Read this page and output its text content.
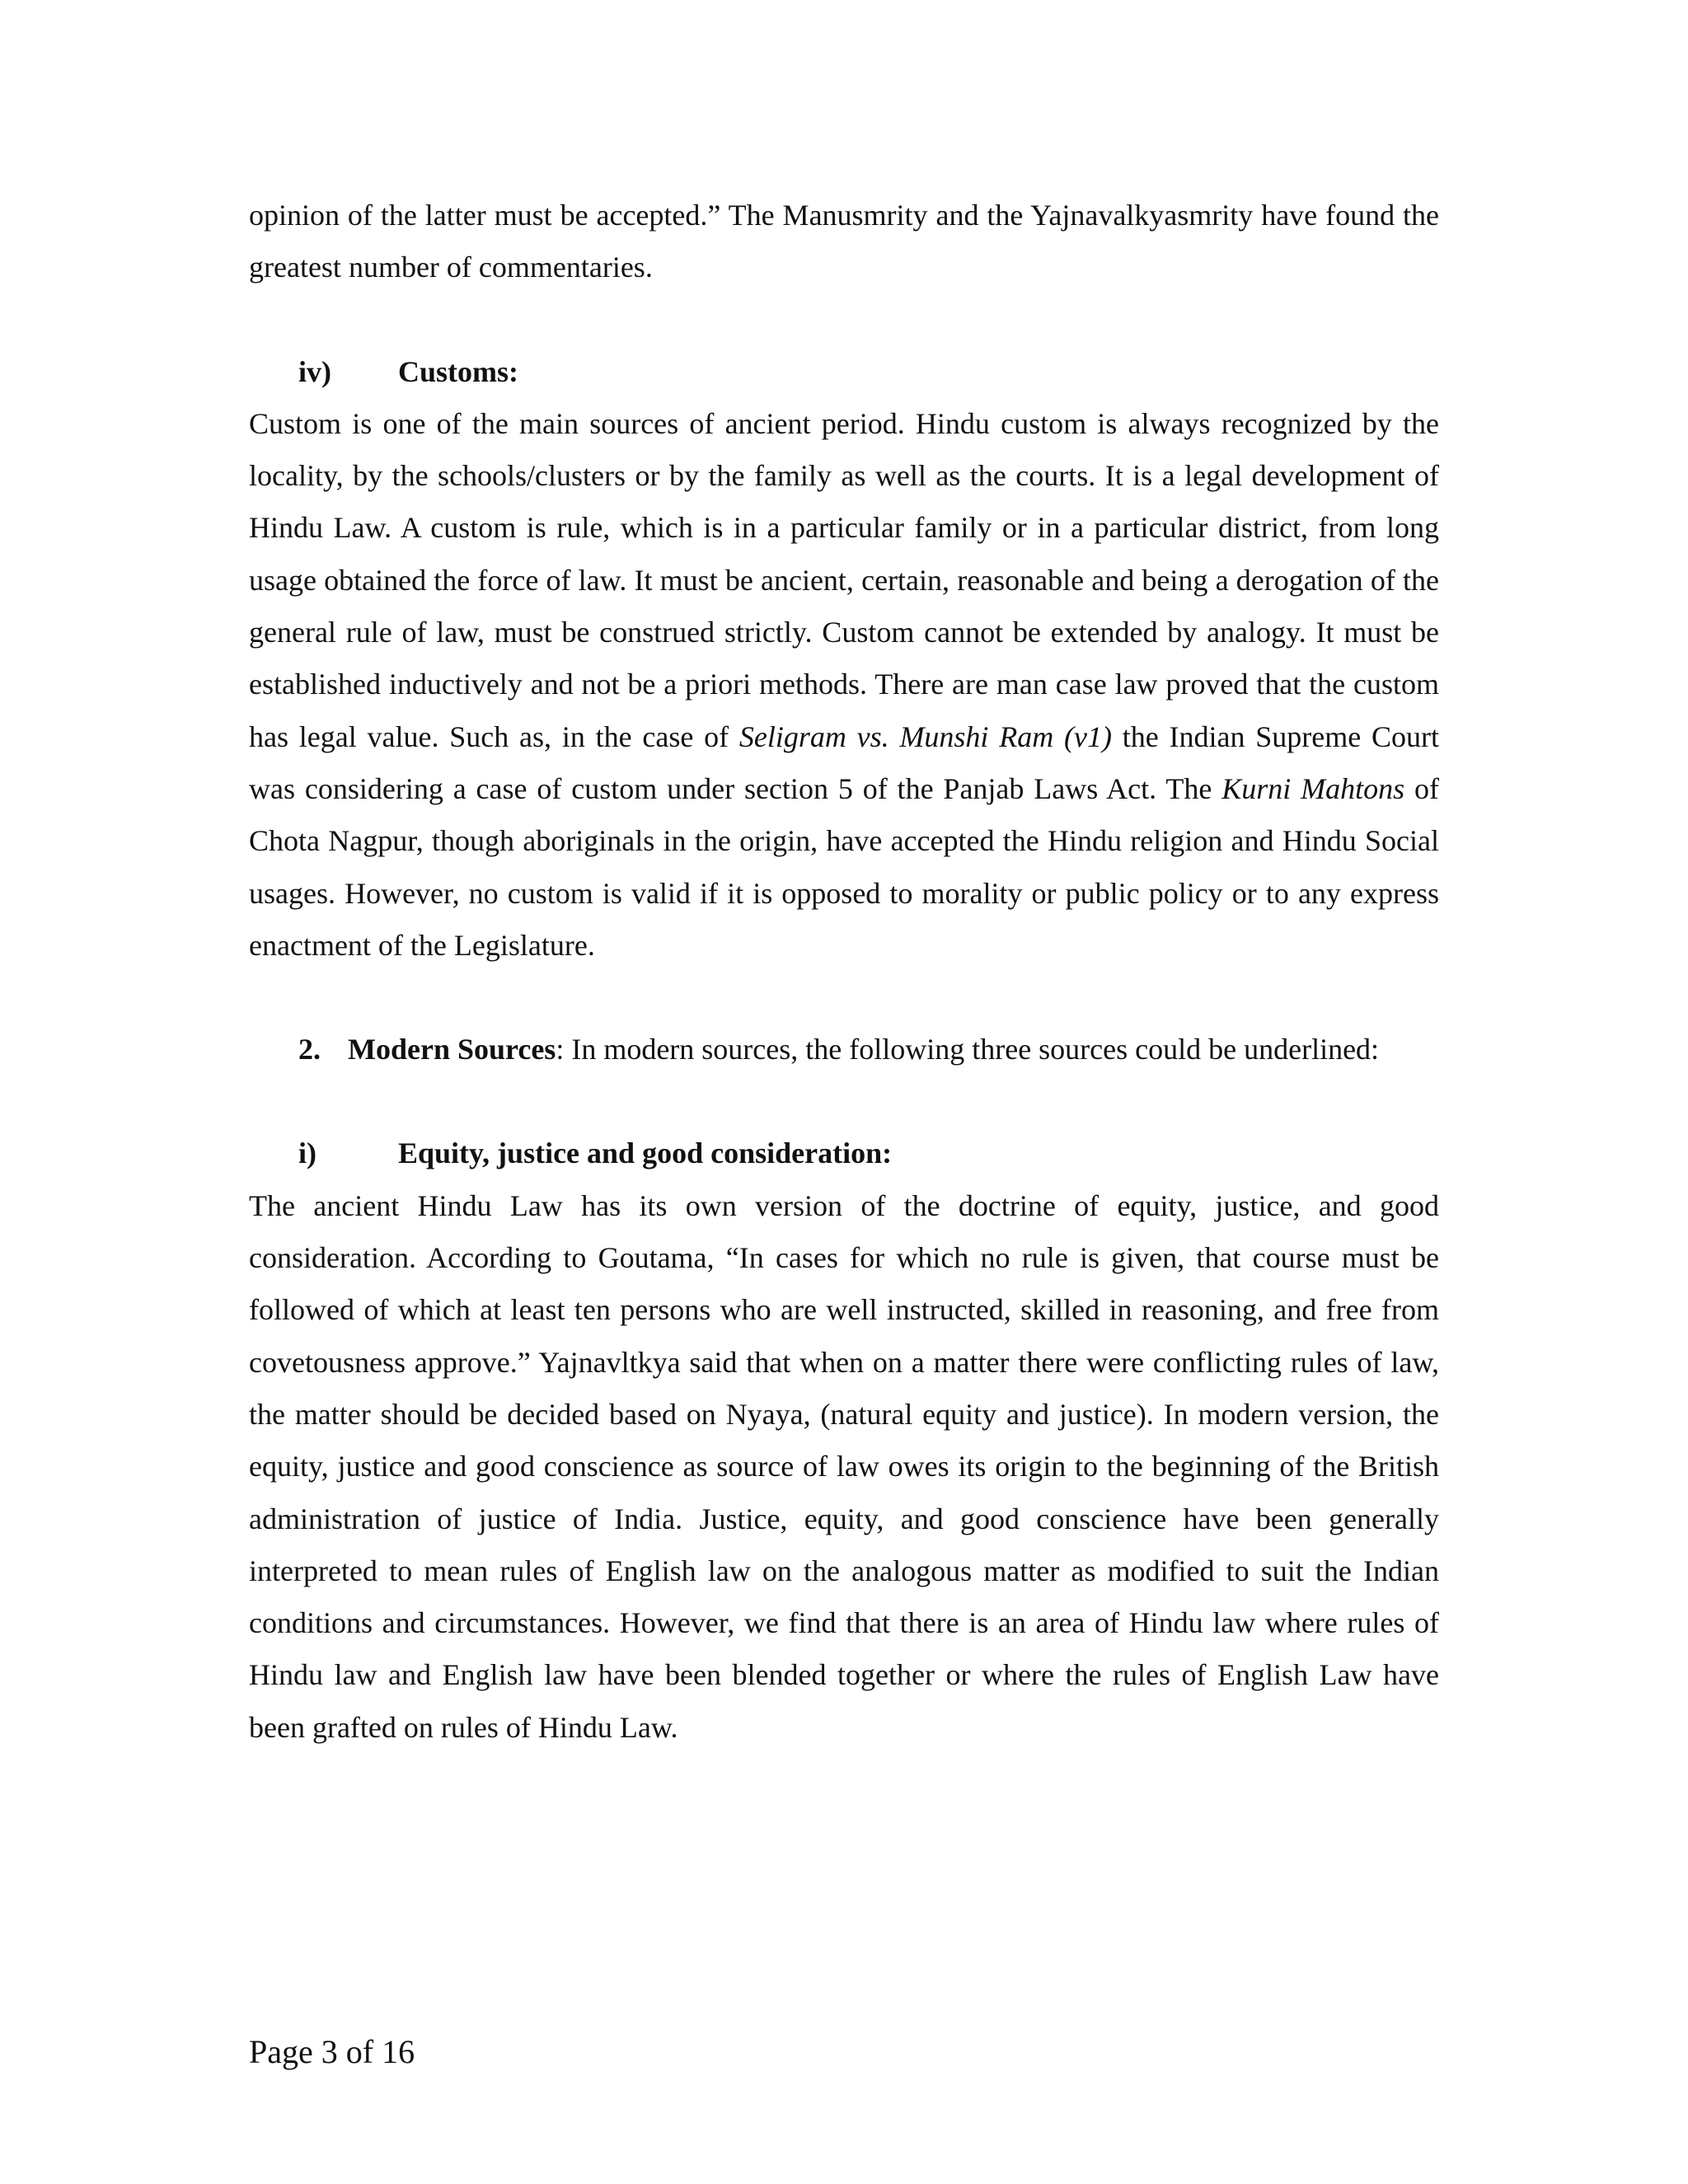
opinion of the latter must be accepted.” The Manusmrity and the Yajnavalkyasmrity have found the greatest number of commentaries.

iv)	Customs:

Custom is one of the main sources of ancient period. Hindu custom is always recognized by the locality, by the schools/clusters or by the family as well as the courts. It is a legal development of Hindu Law. A custom is rule, which is in a particular family or in a particular district, from long usage obtained the force of law. It must be ancient, certain, reasonable and being a derogation of the general rule of law, must be construed strictly. Custom cannot be extended by analogy. It must be established inductively and not be a priori methods. There are man case law proved that the custom has legal value. Such as, in the case of Seligram vs. Munshi Ram (v1) the Indian Supreme Court was considering a case of custom under section 5 of the Panjab Laws Act. The Kurni Mahtons of Chota Nagpur, though aboriginals in the origin, have accepted the Hindu religion and Hindu Social usages. However, no custom is valid if it is opposed to morality or public policy or to any express enactment of the Legislature.

2. Modern Sources: In modern sources, the following three sources could be underlined:

i)	Equity, justice and good consideration:

The ancient Hindu Law has its own version of the doctrine of equity, justice, and good consideration. According to Goutama, “In cases for which no rule is given, that course must be followed of which at least ten persons who are well instructed, skilled in reasoning, and free from covetousness approve.” Yajnavltkya said that when on a matter there were conflicting rules of law, the matter should be decided based on Nyaya, (natural equity and justice). In modern version, the equity, justice and good conscience as source of law owes its origin to the beginning of the British administration of justice of India. Justice, equity, and good conscience have been generally interpreted to mean rules of English law on the analogous matter as modified to suit the Indian conditions and circumstances. However, we find that there is an area of Hindu law where rules of Hindu law and English law have been blended together or where the rules of English Law have been grafted on rules of Hindu Law.

Page 3 of 16
